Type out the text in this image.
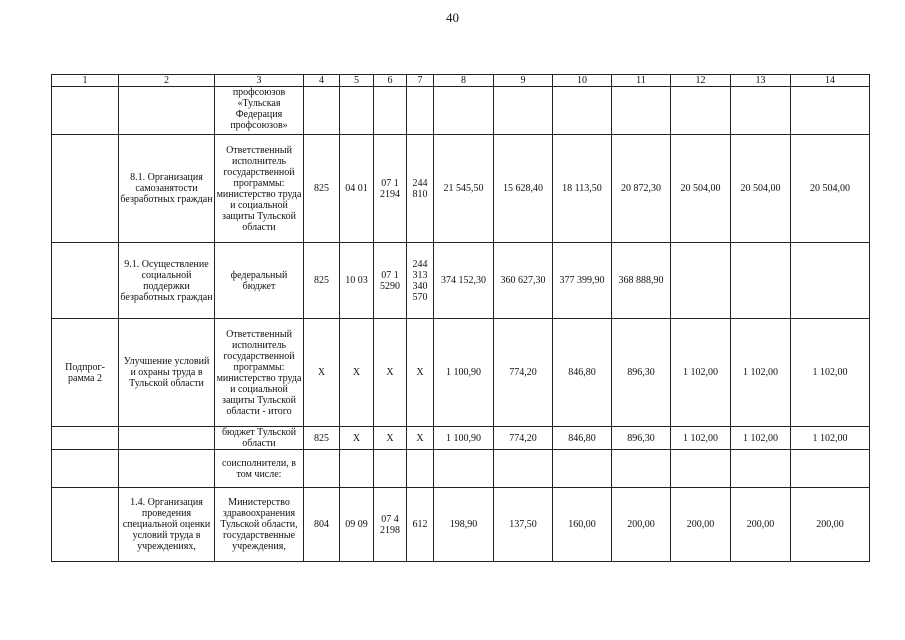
40
1	2	3	4	5	6	7	8	9	10	11	12	13	14
		профсоюзов «Тульская Федерация профсоюзов»											
	8.1. Организация самозанятости безработных граждан	Ответственный исполнитель государственной программы: министерство труда и социальной защиты Тульской области	825	04 01	07 1 2194	244 810	21 545,50	15 628,40	18 113,50	20 872,30	20 504,00	20 504,00	20 504,00
	9.1. Осуществление социальной поддержки безработных граждан	федеральный бюджет	825	10 03	07 1 5290	244 313 340 570	374 152,30	360 627,30	377 399,90	368 888,90			
Подпрог-рамма 2	Улучшение условий и охраны труда в Тульской области	Ответственный исполнитель государственной программы: министерство труда и социальной защиты Тульской области - итого	X	X	X	X	1 100,90	774,20	846,80	896,30	1 102,00	1 102,00	1 102,00
		бюджет Тульской области	825	X	X	X	1 100,90	774,20	846,80	896,30	1 102,00	1 102,00	1 102,00
		соисполнители, в том числе:											
	1.4. Организация проведения специальной оценки условий труда в учреждениях,	Министерство здравоохранения Тульской области, государственные учреждения,	804	09 09	07 4 2198	612	198,90	137,50	160,00	200,00	200,00	200,00	200,00
